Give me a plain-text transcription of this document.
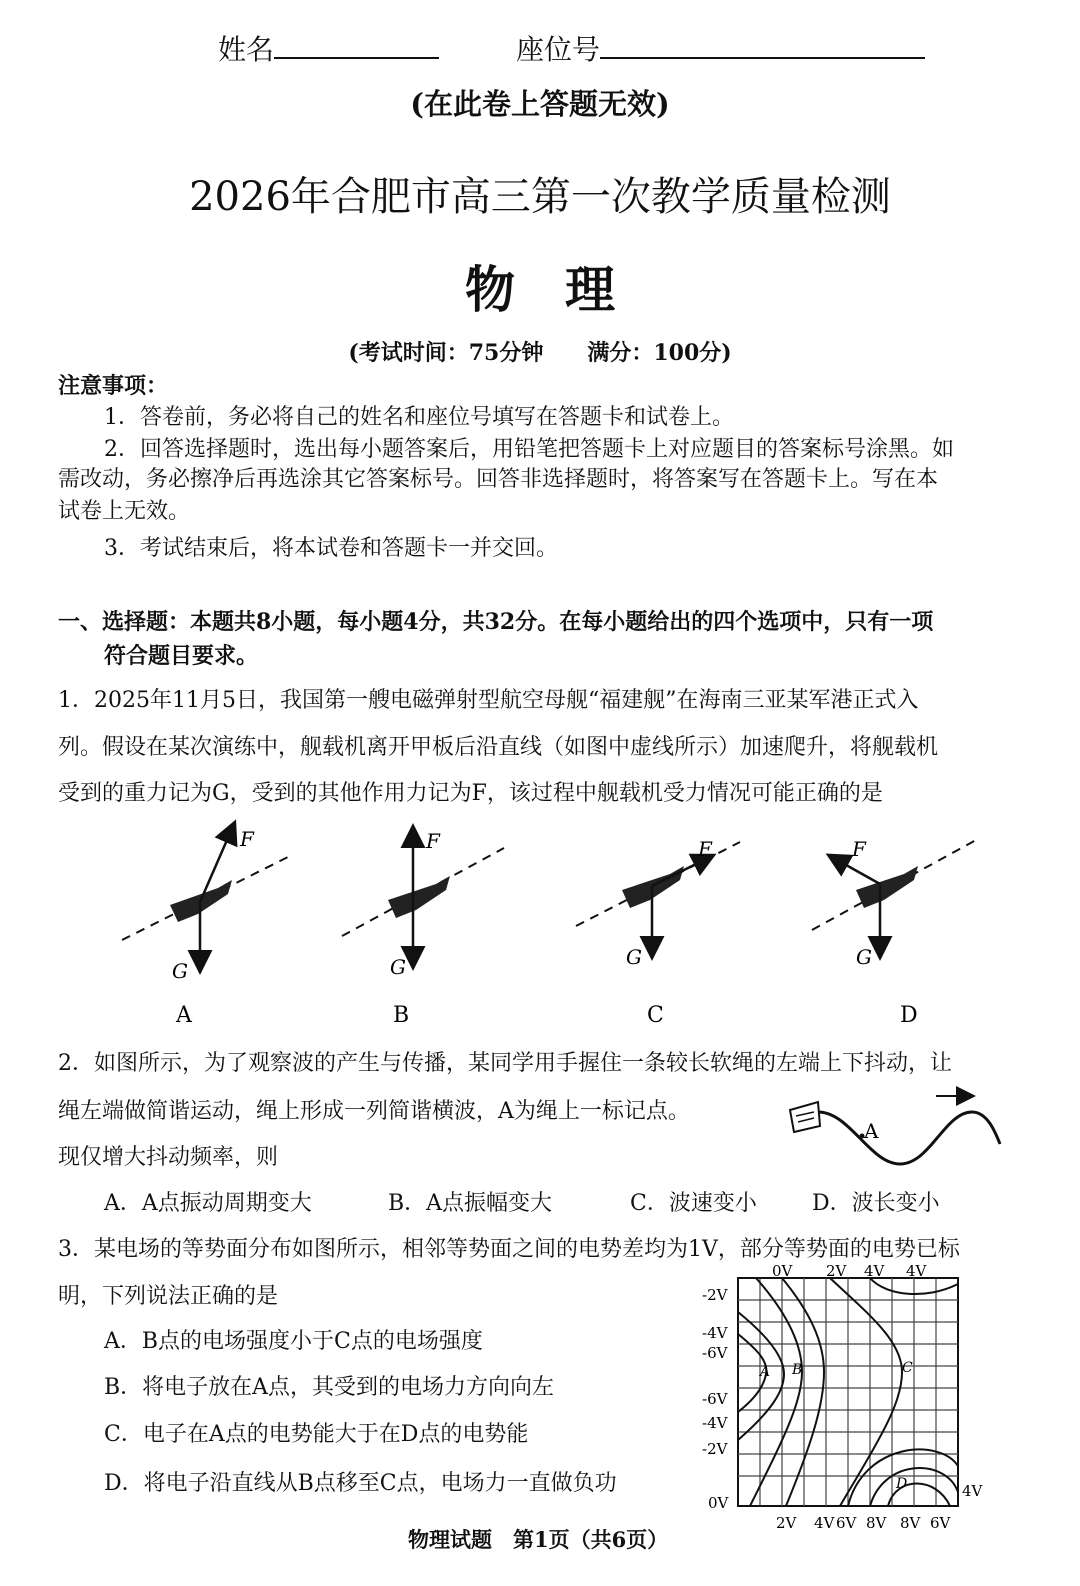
姓名	座位号
(在此卷上答题无效)
2026年合肥市高三第一次教学质量检测
物　理
(考试时间：75分钟　　满分：100分)
注意事项：
1．答卷前，务必将自己的姓名和座位号填写在答题卡和试卷上。
2．回答选择题时，选出每小题答案后，用铅笔把答题卡上对应题目的答案标号涂黑。如
需改动，务必擦净后再选涂其它答案标号。回答非选择题时，将答案写在答题卡上。写在本
试卷上无效。
3．考试结束后，将本试卷和答题卡一并交回。
一、选择题：本题共8小题，每小题4分，共32分。在每小题给出的四个选项中，只有一项
符合题目要求。
1．2025年11月5日，我国第一艘电磁弹射型航空母舰“福建舰”在海南三亚某军港正式入
列。假设在某次演练中，舰载机离开甲板后沿直线（如图中虚线所示）加速爬升，将舰载机
受到的重力记为G，受到的其他作用力记为F，该过程中舰载机受力情况可能正确的是
F
G
A
F
G
B
F
G
C
F
G
D
2．如图所示，为了观察波的产生与传播，某同学用手握住一条较长软绳的左端上下抖动，让
绳左端做简谐运动，绳上形成一列简谐横波，A为绳上一标记点。
现仅增大抖动频率，则
A
A．A点振动周期变大	B．A点振幅变大	C．波速变小	D．波长变小
3．某电场的等势面分布如图所示，相邻等势面之间的电势差均为1V，部分等势面的电势已标
明，下列说法正确的是
A．B点的电场强度小于C点的电场强度
B．将电子放在A点，其受到的电场力方向向左
C．电子在A点的电势能大于在D点的电势能
D．将电子沿直线从B点移至C点，电场力一直做负功
A B	C
D
0V 2V 4V 4V
-2V
-4V
-6V
-6V
-4V
-2V
0V
2V 4V 6V 8V 8V 6V
4V
物理试题　第1页（共6页）
